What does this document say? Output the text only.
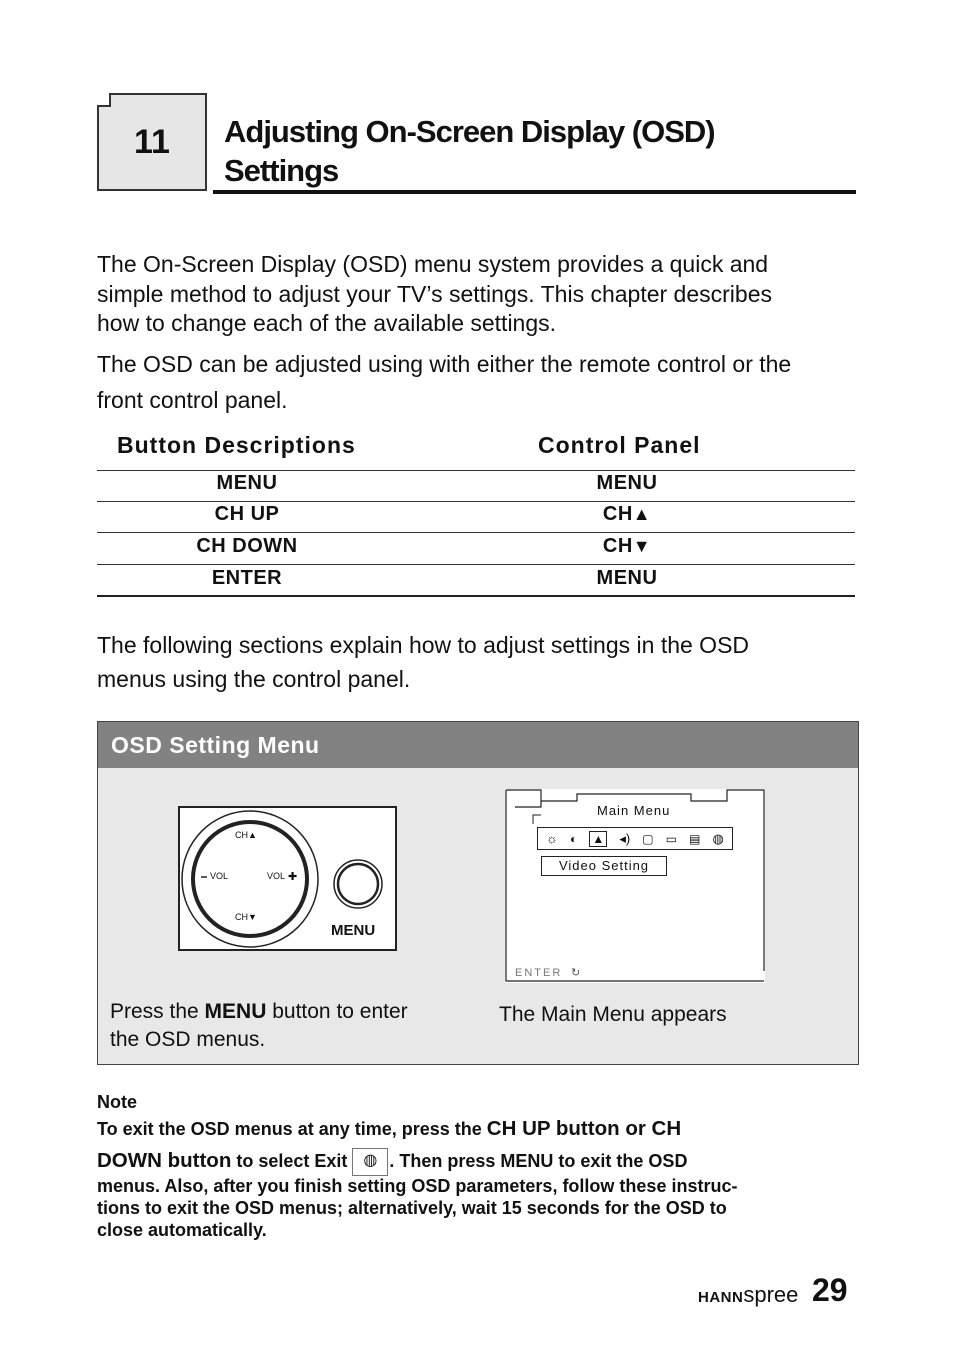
11 Adjusting On-Screen Display (OSD)
Settings
The On-Screen Display (OSD) menu system provides a quick and
simple method to adjust your TV’s settings. This chapter describes
how to change each of the available settings.
The OSD can be adjusted using with either the remote control or the
front control panel.
Button Descriptions	Control Panel
MENU	MENU
CH UP	CH▲
CH DOWN	CH▼
ENTER	MENU
The following sections explain how to adjust settings in the OSD
menus using the control panel.
OSD Setting Menu
CH▲
CH▼
VOL	VOL ✚
MENU
Main Menu
☼ ◐ ▲ ◂) ▢ ▭ ▤ ◍
Video Setting
ENTER ↻
Press the MENU button to enter
the OSD menus.
The Main Menu appears
Note
To exit the OSD menus at any time, press the CH UP button or CH
DOWN button to select Exit ◍ . Then press MENU to exit the OSD
menus. Also, after you finish setting OSD parameters, follow these instruc-
tions to exit the OSD menus; alternatively, wait 15 seconds for the OSD to
close automatically.
HANNspree 29
